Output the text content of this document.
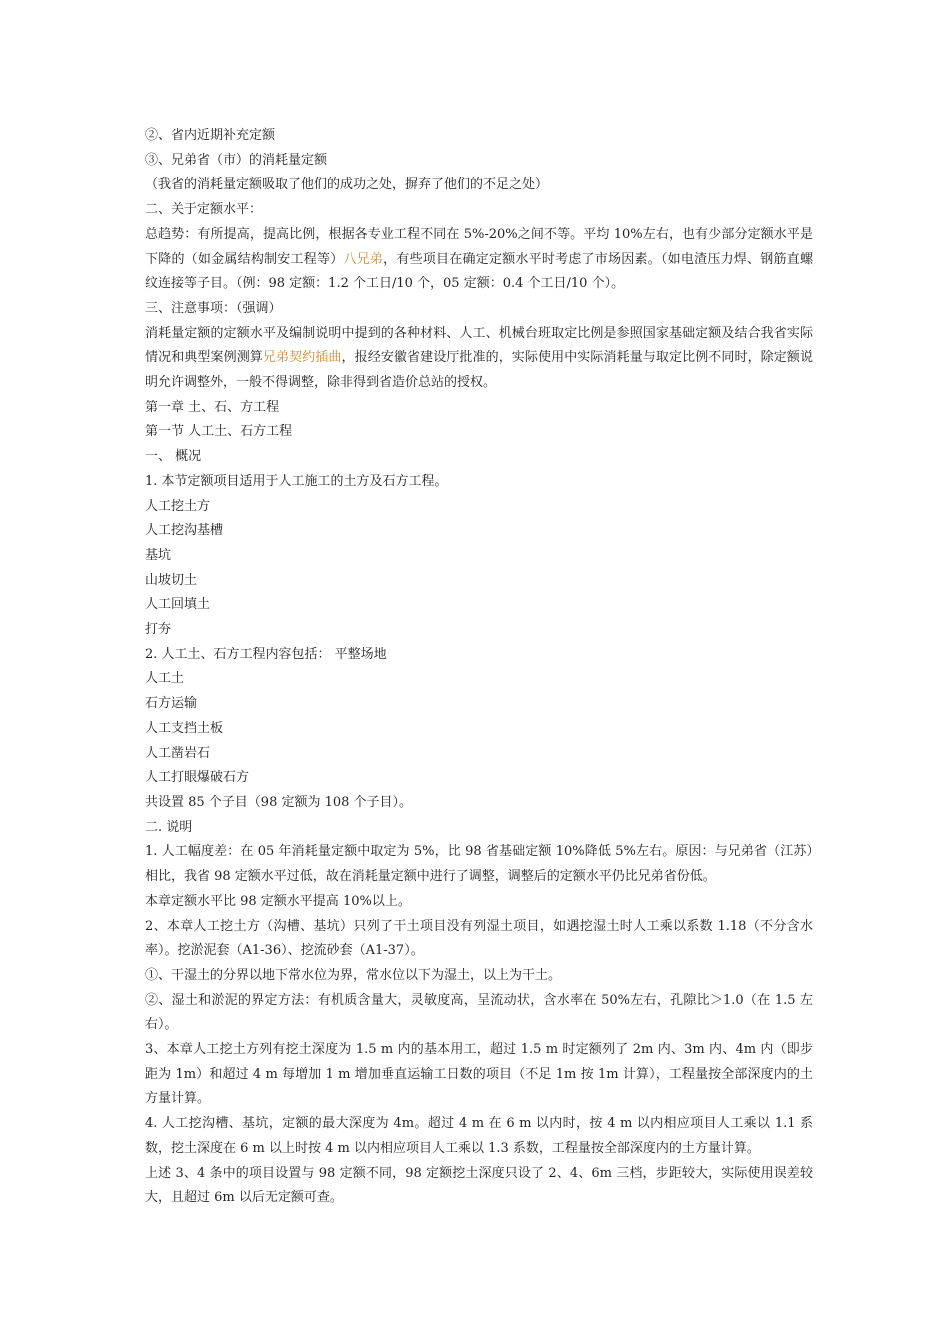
②、省内近期补充定额
③、兄弟省（市）的消耗量定额
（我省的消耗量定额吸取了他们的成功之处，摒弃了他们的不足之处）
二、关于定额水平：
总趋势：有所提高，提高比例，根据各专业工程不同在 5%-20%之间不等。平均 10%左右，也有少部分定额水平是下降的（如金属结构制安工程等）八兄弟，有些项目在确定定额水平时考虑了市场因素。（如电渣压力焊、钢筋直螺纹连接等子目。（例：98 定额：1.2 个工日/10 个，05 定额：0.4 个工日/10 个）。
三、注意事项：（强调）
消耗量定额的定额水平及编制说明中提到的各种材料、人工、机械台班取定比例是参照国家基础定额及结合我省实际情况和典型案例测算兄弟契约插曲，报经安徽省建设厅批准的，实际使用中实际消耗量与取定比例不同时，除定额说明允许调整外，一般不得调整，除非得到省造价总站的授权。
第一章 土、石、方工程
第一节 人工土、石方工程
一、 概况
1. 本节定额项目适用于人工施工的土方及石方工程。
人工挖土方
人工挖沟基槽
基坑
山坡切土
人工回填土
打夯
2. 人工土、石方工程内容包括： 平整场地
人工土
石方运输
人工支挡土板
人工凿岩石
人工打眼爆破石方
共设置 85 个子目（98 定额为 108 个子目）。
二. 说明
1. 人工幅度差：在 05 年消耗量定额中取定为 5%，比 98 省基础定额 10%降低 5%左右。原因：与兄弟省（江苏）相比，我省 98 定额水平过低，故在消耗量定额中进行了调整，调整后的定额水平仍比兄弟省份低。
本章定额水平比 98 定额水平提高 10%以上。
2、本章人工挖土方（沟槽、基坑）只列了干土项目没有列湿土项目，如遇挖湿土时人工乘以系数 1.18（不分含水率）。挖淤泥套（A1-36）、挖流砂套（A1-37）。
①、干湿土的分界以地下常水位为界，常水位以下为湿土，以上为干土。
②、湿土和淤泥的界定方法：有机质含量大，灵敏度高，呈流动状，含水率在 50%左右，孔隙比＞1.0（在 1.5 左右）。
3、本章人工挖土方列有挖土深度为 1.5 m 内的基本用工，超过 1.5 m 时定额列了 2m 内、3m 内、4m 内（即步距为 1m）和超过 4 m 每增加 1 m 增加垂直运输工日数的项目（不足 1m 按 1m 计算），工程量按全部深度内的土方量计算。
4. 人工挖沟槽、基坑，定额的最大深度为 4m。超过 4 m 在 6 m 以内时，按 4 m 以内相应项目人工乘以 1.1 系数，挖土深度在 6 m 以上时按 4 m 以内相应项目人工乘以 1.3 系数，工程量按全部深度内的土方量计算。
上述 3、4 条中的项目设置与 98 定额不同，98 定额挖土深度只设了 2、4、6m 三档，步距较大，实际使用误差较大，且超过 6m 以后无定额可查。
